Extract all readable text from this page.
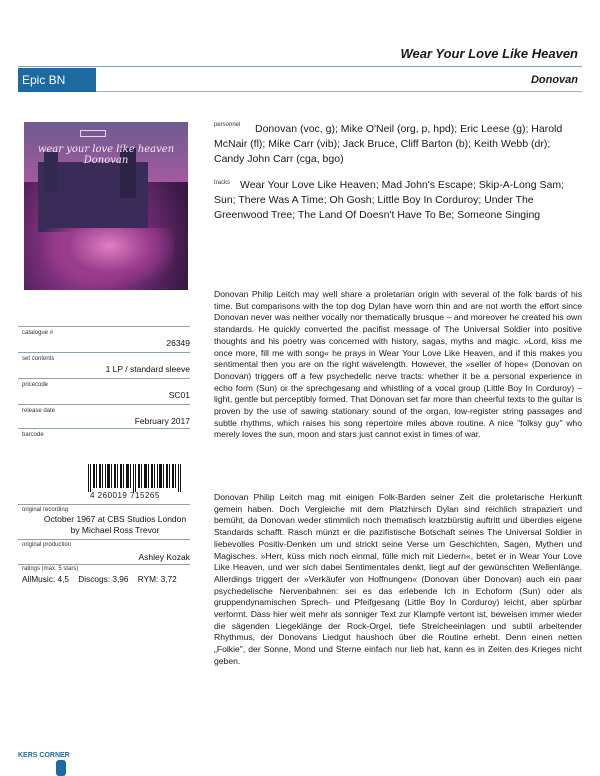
Wear Your Love Like Heaven
Epic BN 26349
Donovan
wear your love like heaven
Donovan
catalogue #
26349
set contents
1 LP / standard sleeve
pricecode
SC01
release date
February 2017
barcode
4 260019 715265
original recording
October 1967 at CBS Studios London by Michael Ross Trevor
original production
Ashley Kozak
ratings (max. 5 stars)
AllMusic: 4,5    Discogs: 3,96    RYM: 3,72
personnel	Donovan (voc, g); Mike O'Neil (org, p, hpd); Eric Leese (g); Harold McNair (fl); Mike Carr (vib); Jack Bruce, Cliff Barton (b); Keith Webb (dr); Candy John Carr (cga, bgo)
tracks Wear Your Love Like Heaven; Mad John's Escape; Skip-A-Long Sam; Sun; There Was A Time; Oh Gosh; Little Boy In Corduroy; Under The Greenwood Tree; The Land Of Doesn't Have To Be; Someone Singing
Donovan Philip Leitch may well share a proletarian origin with several of the folk bards of his time. But comparisons with the top dog Dylan have worn thin and are not worth the effort since Donovan never was neither vocally nor thematically brusque – and moreover he created his own standards. He quickly converted the pacifist message of The Universal Soldier into positive thoughts and his poetry was concerned with history, sagas, myths and magic. »Lord, kiss me once more, fill me with song« he prays in Wear Your Love Like Heaven, and if this makes you sentimental then you are on the right wavelength. However, the »seller of hope« (Donovan on Donovan) triggers off a few psychedelic nerve tracts: whether it be a personal experience in echo form (Sun) or the sprechgesang and whistling of a vocal group (Little Boy In Corduroy) – light, gentle but perceptibly formed. That Donovan set far more than cheerful texts to the guitar is proven by the use of sawing stationary sound of the organ, low-register string passages and subtle rhythms, which raises his song repertoire miles above routine. A nice "folksy guy" who merely loves the sun, moon and stars just cannot exist in times of war.
Donovan Philip Leitch mag mit einigen Folk-Barden seiner Zeit die proletarische Herkunft gemein haben. Doch Vergleiche mit dem Platzhirsch Dylan sind reichlich strapaziert und bemüht, da Donovan weder stimmlich noch thematisch kratzbürstig auftritt und überdies eigene Standards schafft. Rasch münzt er die pazifistische Botschaft seines The Universal Soldier in liebevolles Positiv-Denken um und strickt seine Verse um Geschichten, Sagen, Mythen und Magisches. »Herr, küss mich noch einmal, fülle mich mit Liedern«, betet er in Wear Your Love Like Heaven, und wer sich dabei Sentimentales denkt, liegt auf der gewünschten Wellenlänge. Allerdings triggert der »Verkäufer von Hoffnungen« (Donovan über Donovan) auch ein paar psychedelische Nervenbahnen: sei es das erlebende Ich in Echoform (Sun) oder als gruppendynamischen Sprech- und Pfeifgesang (Little Boy In Corduroy) leicht, aber spürbar verformt. Dass hier weit mehr als sonniger Text zur Klampfe vertont ist, beweisen immer wieder die sägenden Liegeklänge der Rock-Orgel, tiefe Streicheeinlagen und subtil arbeitender Rhythmus, der Donovans Liedgut haushoch über die Routine erhebt. Denn einen netten „Folkie", der Sonne, Mond und Sterne einfach nur lieb hat, kann es in Zeiten des Krieges nicht geben.
KERS CORNER
